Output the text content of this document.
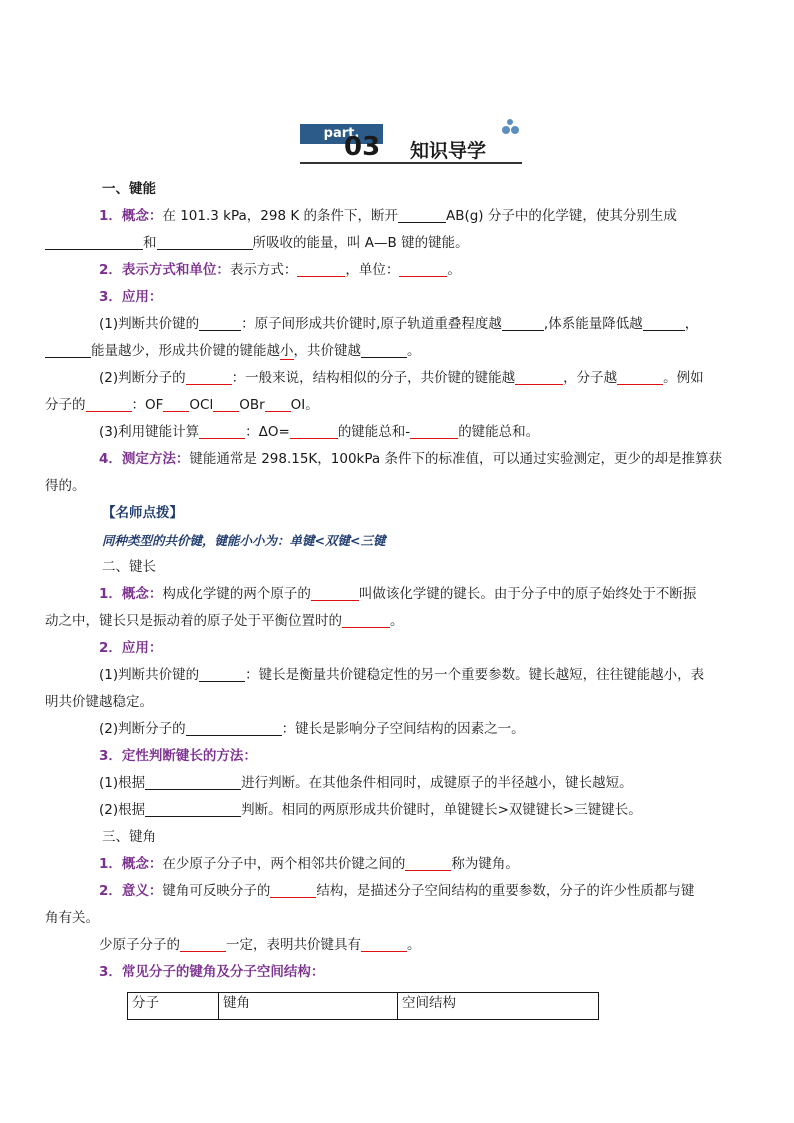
part.
03 知识导学

一、键能

1．概念：在 101.3 kPa，298 K 的条件下，断开	AB(g) 分子中的化学键，使其分别生成
和	所吸收的能量，叫 A—B 键的键能。

2．表示方式和单位：表示方式：	，单位：	。

3．应用：

(1)判断共价键的	：原子间形成共价键时,原子轨道重叠程度越	,体系能量降低越	，
能量越少，形成共价键的键能越小，共价键越	。

(2)判断分子的	：一般来说，结构相似的分子，共价键的键能越	，分子越	。例如
分子的	：OF OCl OBr OI。

(3)利用键能计算	：ΔO=	的键能总和-	的键能总和。

4．测定方法：键能通常是 298.15K，100kPa 条件下的标准值，可以通过实验测定，更少的却是推算获
得的。

【名师点拨】

同种类型的共价键，键能小小为：单键<双键<三键

二、键长

1．概念：构成化学键的两个原子的	叫做该化学键的键长。由于分子中的原子始终处于不断振
动之中，键长只是振动着的原子处于平衡位置时的	。

2．应用：

(1)判断共价键的	：键长是衡量共价键稳定性的另一个重要参数。键长越短，往往键能越小，表
明共价键越稳定。

(2)判断分子的	：键长是影响分子空间结构的因素之一。

3．定性判断键长的方法：

(1)根据	进行判断。在其他条件相同时，成键原子的半径越小，键长越短。

(2)根据	判断。相同的两原形成共价键时，单键键长>双键键长>三键键长。

三、键角

1．概念：在少原子分子中，两个相邻共价键之间的	称为键角。

2．意义：键角可反映分子的	结构，是描述分子空间结构的重要参数，分子的许少性质都与键
角有关。

少原子分子的	一定，表明共价键具有	。

3．常见分子的键角及分子空间结构：

分子	键角	空间结构
